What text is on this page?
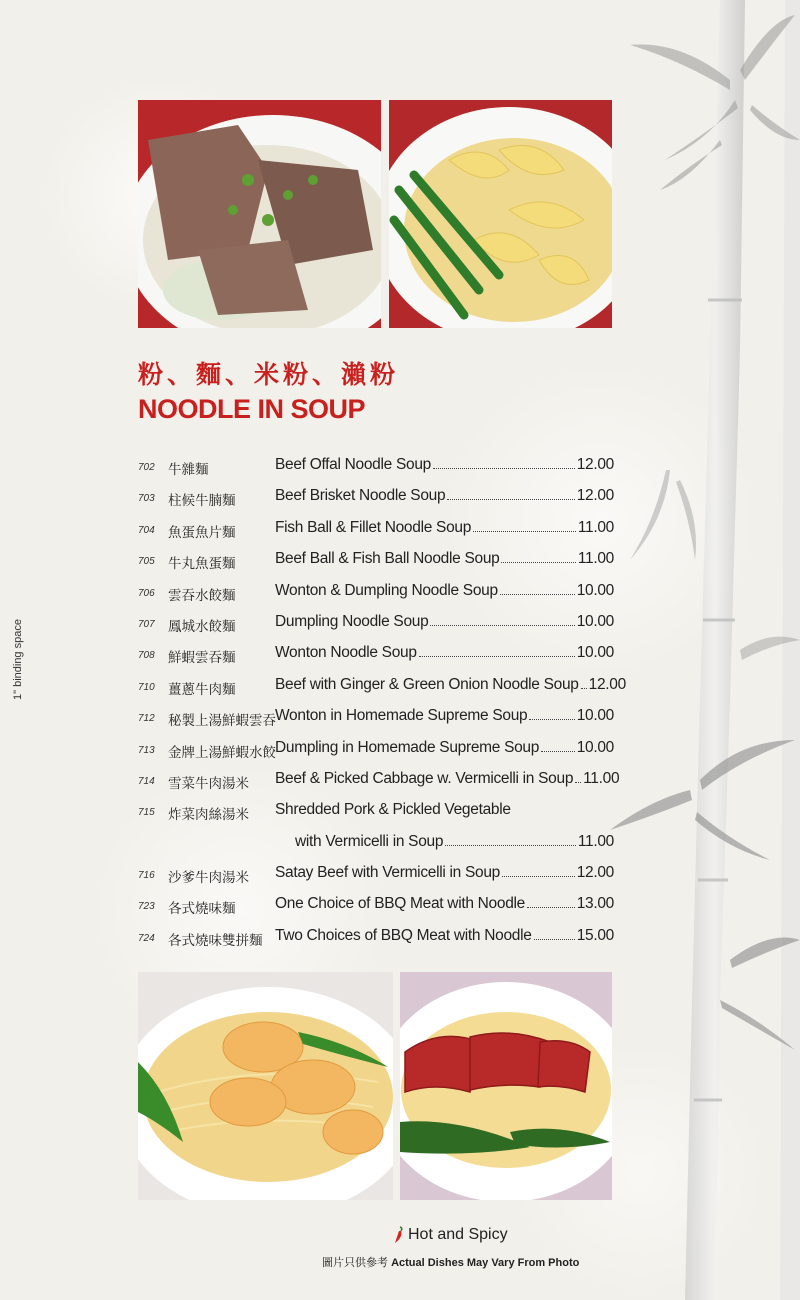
1" binding space
粉、麵、米粉、瀨粉
NOODLE IN SOUP
702 牛雜麵	Beef Offal Noodle Soup	12.00
703 柱候牛腩麵	Beef Brisket Noodle Soup	12.00
704 魚蛋魚片麵	Fish Ball & Fillet Noodle Soup	11.00
705 牛丸魚蛋麵	Beef Ball & Fish Ball Noodle Soup	11.00
706 雲吞水餃麵	Wonton & Dumpling Noodle Soup	10.00
707 鳳城水餃麵	Dumpling Noodle Soup	10.00
708 鮮蝦雲吞麵	Wonton Noodle Soup	10.00
710 薑蔥牛肉麵	Beef with Ginger & Green Onion Noodle Soup 12.00
712 秘製上湯鮮蝦雲吞 Wonton in Homemade Supreme Soup	10.00
713 金牌上湯鮮蝦水餃 Dumpling in Homemade Supreme Soup 10.00
714 雪菜牛肉湯米 Beef & Picked Cabbage w. Vermicelli in Soup 11.00
715 炸菜肉絲湯米 Shredded Pork & Pickled Vegetable
with Vermicelli in Soup	11.00
716 沙爹牛肉湯米 Satay Beef with Vermicelli in Soup	12.00
723 各式燒味麵	One Choice of BBQ Meat with Noodle	13.00
724 各式燒味雙拼麵 Two Choices of BBQ Meat with Noodle	15.00
Hot and Spicy
圖片只供參考 Actual Dishes May Vary From Photo
